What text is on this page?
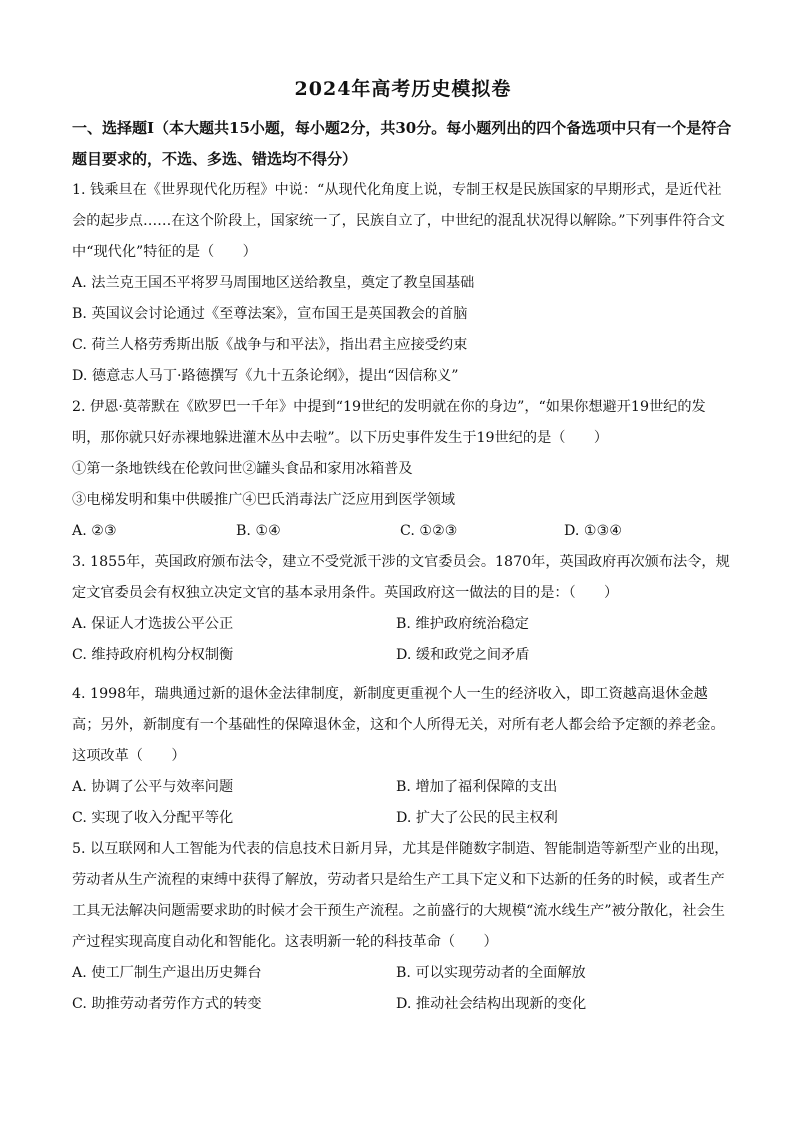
2024年高考历史模拟卷
一、选择题Ⅰ（本大题共15小题，每小题2分，共30分。每小题列出的四个备选项中只有一个是符合题目要求的，不选、多选、错选均不得分）
1. 钱乘旦在《世界现代化历程》中说：“从现代化角度上说，专制王权是民族国家的早期形式，是近代社会的起步点……在这个阶段上，国家统一了，民族自立了，中世纪的混乱状况得以解除。”下列事件符合文中“现代化”特征的是（　　）
A. 法兰克王国丕平将罗马周围地区送给教皇，奠定了教皇国基础
B. 英国议会讨论通过《至尊法案》，宣布国王是英国教会的首脑
C. 荷兰人格劳秀斯出版《战争与和平法》，指出君主应接受约束
D. 德意志人马丁·路德撰写《九十五条论纲》，提出“因信称义”
2. 伊恩·莫蒂默在《欧罗巴一千年》中提到“19世纪的发明就在你的身边”，“如果你想避开19世纪的发明，那你就只好赤裸地躲进灌木丛中去啦”。以下历史事件发生于19世纪的是（　　）
①第一条地铁线在伦敦问世②罐头食品和家用冰箱普及
③电梯发明和集中供暖推广④巴氏消毒法广泛应用到医学领域
A. ②③	B. ①④	C. ①②③	D. ①③④
3. 1855年，英国政府颁布法令，建立不受党派干涉的文官委员会。1870年，英国政府再次颁布法令，规定文官委员会有权独立决定文官的基本录用条件。英国政府这一做法的目的是：（　　）
A. 保证人才选拔公平公正	B. 维护政府统治稳定
C. 维持政府机构分权制衡	D. 缓和政党之间矛盾
4. 1998年，瑞典通过新的退休金法律制度，新制度更重视个人一生的经济收入，即工资越高退休金越高；另外，新制度有一个基础性的保障退休金，这和个人所得无关，对所有老人都会给予定额的养老金。这项改革（　　）
A. 协调了公平与效率问题	B. 增加了福利保障的支出
C. 实现了收入分配平等化	D. 扩大了公民的民主权利
5. 以互联网和人工智能为代表的信息技术日新月异，尤其是伴随数字制造、智能制造等新型产业的出现，劳动者从生产流程的束缚中获得了解放，劳动者只是给生产工具下定义和下达新的任务的时候，或者生产工具无法解决问题需要求助的时候才会干预生产流程。之前盛行的大规模“流水线生产”被分散化，社会生产过程实现高度自动化和智能化。这表明新一轮的科技革命（　　）
A. 使工厂制生产退出历史舞台	B. 可以实现劳动者的全面解放
C. 助推劳动者劳作方式的转变	D. 推动社会结构出现新的变化
